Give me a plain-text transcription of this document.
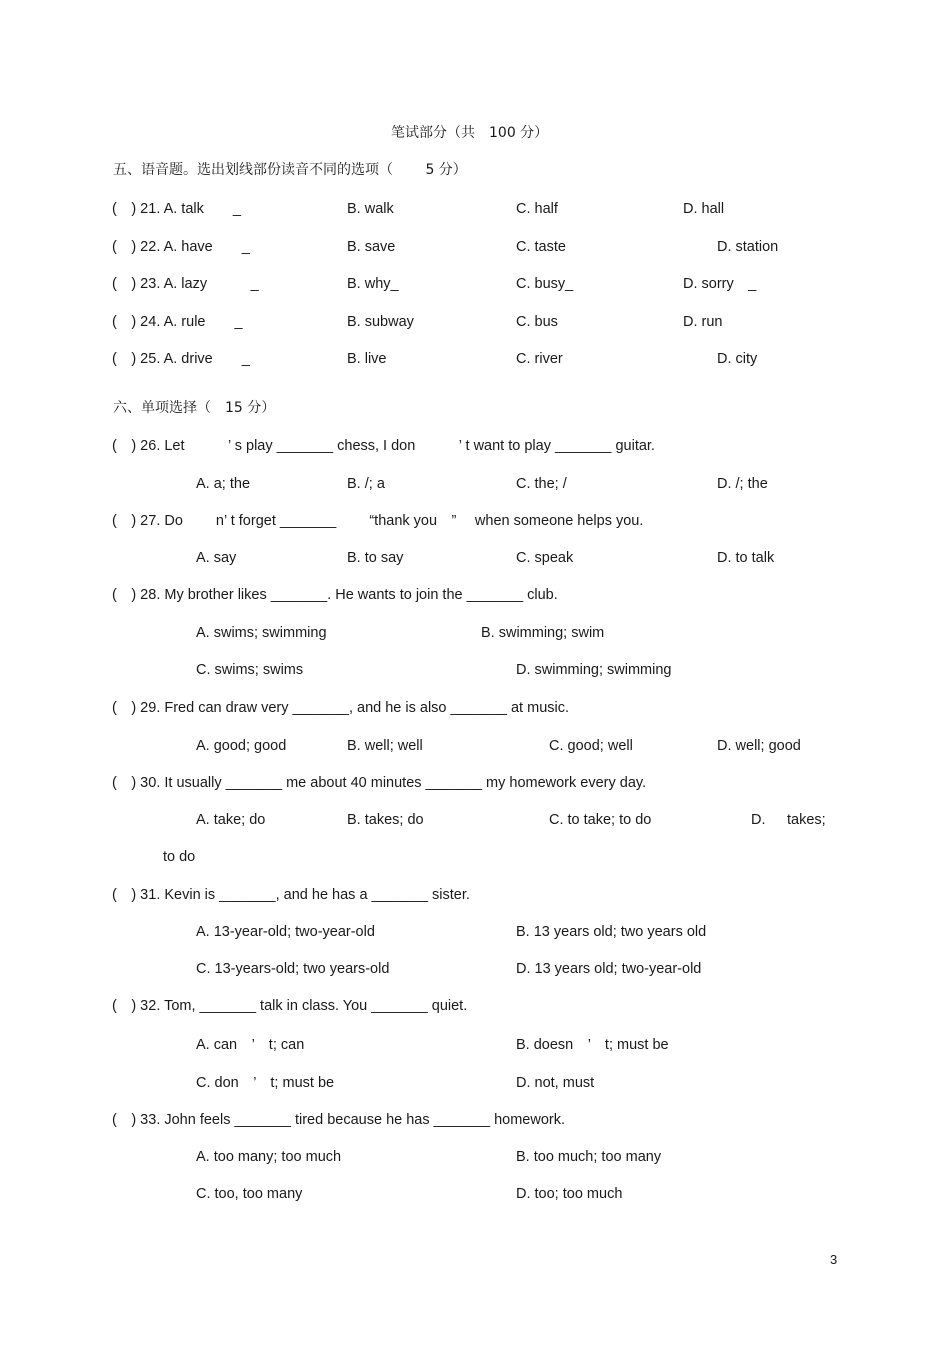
笔试部分（共　100 分）
五、语音题。选出划线部份读音不同的选项（　　 5 分）
(　) 21. A. talk　　_	B. walk	C. half	D. hall
(　) 22. A. have　　_	B. save	C. taste	D. station
(　) 23. A. lazy　　　_	B. why_	C. busy_	D. sorry　_
(　) 24. A. rule　　_	B. subway	C. bus	D. run
(　) 25. A. drive　　_	B. live	C. river	D. city
六、单项选择（　15 分）
(　) 26. Let　　　’ s play _______ chess, I don　　　’ t want to play _______ guitar.
A. a; the	B. /; a	C. the; /	D. /; the
(　) 27. Do　　 n’ t forget _______　　 “thank you　” 　when someone helps you.
A. say	B. to say	C. speak	D. to talk
(　) 28. My brother likes _______. He wants to join the _______ club.
A. swims; swimming	B. swimming; swim
C. swims; swims	D. swimming; swimming
(　) 29. Fred can draw very _______, and he is also _______ at music.
A. good; good	B. well; well	C. good; well	D. well; good
(　) 30. It usually _______ me about 40 minutes _______ my homework every day.
A. take; do	B. takes; do	C. to take; to do	D. takes;
to do
(　) 31. Kevin is _______, and he has a _______ sister.
A. 13-year-old; two-year-old	B. 13 years old; two years old
C. 13-years-old; two years-old	D. 13 years old; two-year-old
(　) 32. Tom, _______ talk in class. You _______ quiet.
A. can　’　t; can	B. doesn　’　t; must be
C. don　’　t; must be	D. not, must
(　) 33. John feels _______ tired because he has _______ homework.
A. too many; too much	B. too much; too many
C. too, too many	D. too; too much
3
